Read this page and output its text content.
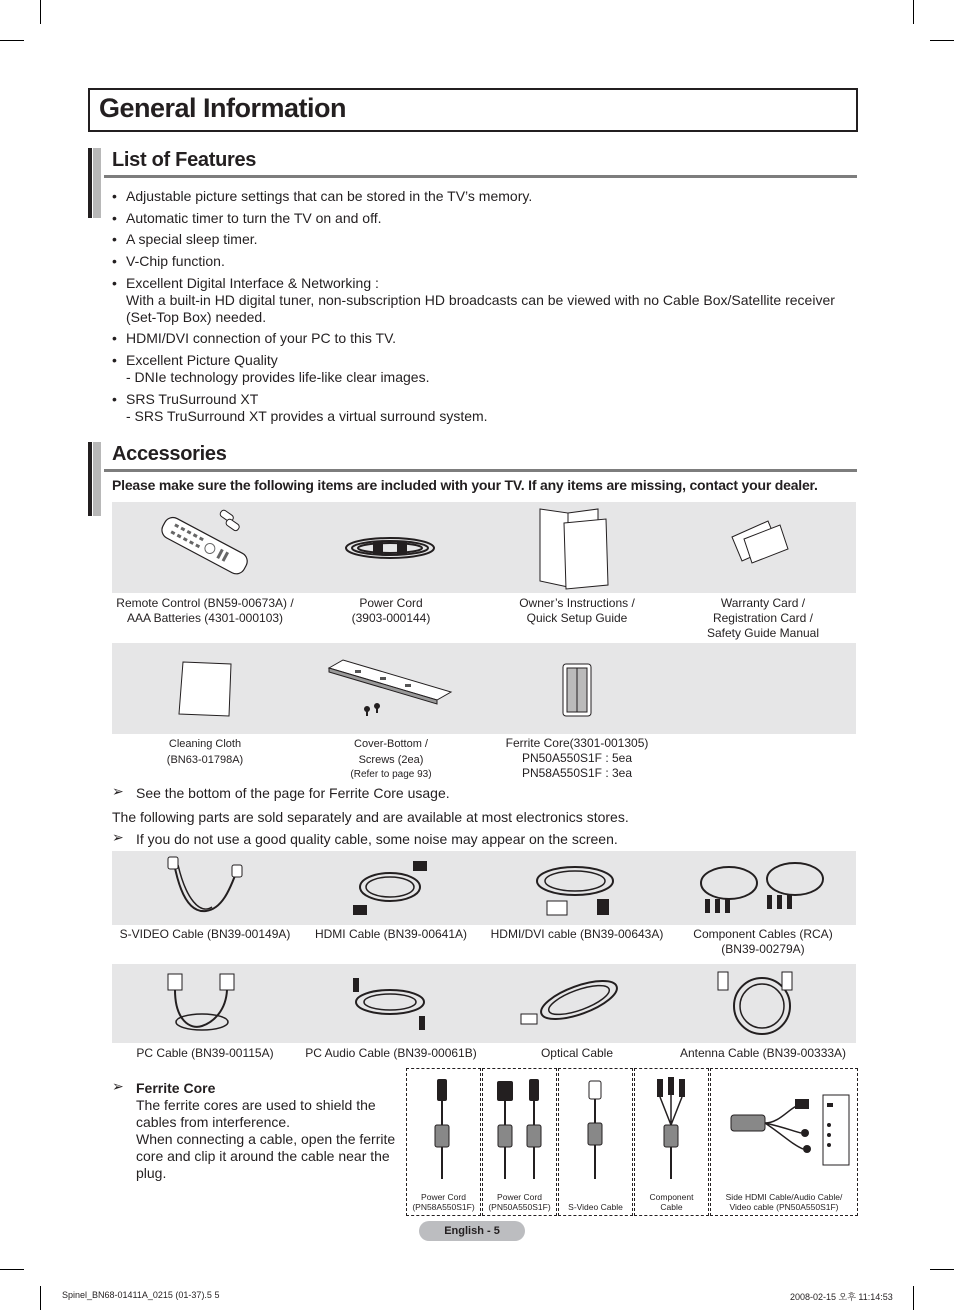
General Information
List of Features
• Adjustable picture settings that can be stored in the TV’s memory.
• Automatic timer to turn the TV on and off.
• A special sleep timer.
• V-Chip function.
• Excellent Digital Interface & Networking :
With a built-in HD digital tuner, non-subscription HD broadcasts can be viewed with no Cable Box/Satellite receiver (Set-Top Box) needed.
• HDMI/DVI connection of your PC to this TV.
• Excellent Picture Quality
- DNIe technology provides life-like clear images.
• SRS TruSurround XT
- SRS TruSurround XT provides a virtual surround system.
Accessories
Please make sure the following items are included with your TV. If any items are missing, contact your dealer.
Remote Control (BN59-00673A) /
AAA Batteries (4301-000103)
Power Cord
(3903-000144)
Owner’s Instructions /
Quick Setup Guide
Warranty Card /
Registration Card /
Safety Guide Manual
Cleaning Cloth
(BN63-01798A)
Cover-Bottom /
Screws (2ea)
(Refer to page 93)
Ferrite Core(3301-001305)
PN50A550S1F : 5ea
PN58A550S1F : 3ea
➢ See the bottom of the page for Ferrite Core usage.
The following parts are sold separately and are available at most electronics stores.
➢ If you do not use a good quality cable, some noise may appear on the screen.
S-VIDEO Cable (BN39-00149A)	HDMI Cable (BN39-00641A)	HDMI/DVI cable (BN39-00643A)	Component Cables (RCA)
(BN39-00279A)
PC Cable (BN39-00115A)	PC Audio Cable (BN39-00061B)	Optical Cable	Antenna Cable (BN39-00333A)
➢ Ferrite Core
The ferrite cores are used to shield the cables from interference.
When connecting a cable, open the ferrite core and clip it around the cable near the plug.
Power Cord
(PN58A550S1F)
Power Cord
(PN50A550S1F)	S-Video Cable
Component
Cable
Side HDMI Cable/Audio Cable/
Video cable (PN50A550S1F)
English - 5
Spinel_BN68-01411A_0215 (01-37).5 5	2008-02-15 오후 11:14:53
